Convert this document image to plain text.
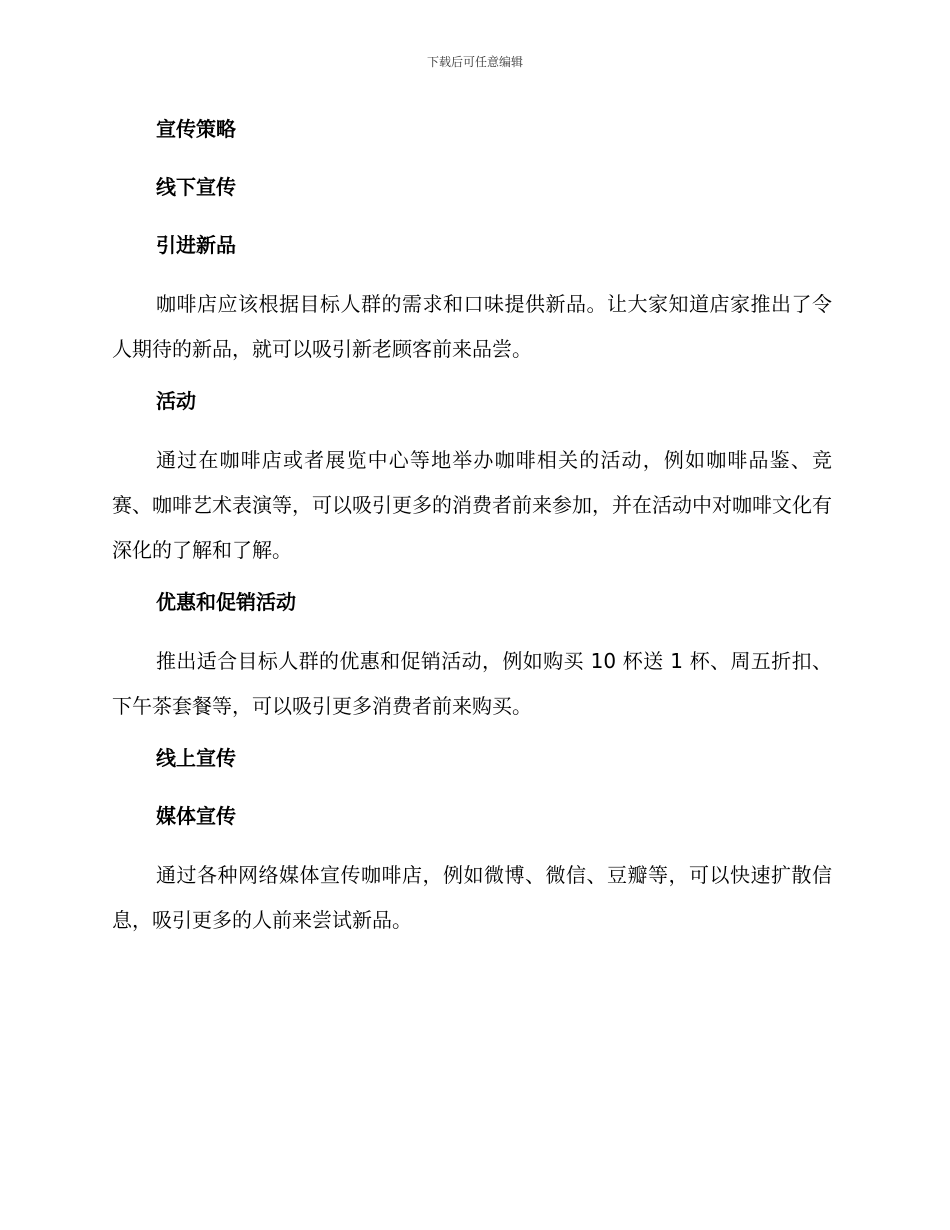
下载后可任意编辑
宣传策略
线下宣传
引进新品

咖啡店应该根据目标人群的需求和口味提供新品。让大家知道店家推出了令人期待的新品，就可以吸引新老顾客前来品尝。

活动

通过在咖啡店或者展览中心等地举办咖啡相关的活动，例如咖啡品鉴、竞赛、咖啡艺术表演等，可以吸引更多的消费者前来参加，并在活动中对咖啡文化有深化的了解和了解。

优惠和促销活动

推出适合目标人群的优惠和促销活动，例如购买 10 杯送 1 杯、周五折扣、下午茶套餐等，可以吸引更多消费者前来购买。

线上宣传
媒体宣传

通过各种网络媒体宣传咖啡店，例如微博、微信、豆瓣等，可以快速扩散信息，吸引更多的人前来尝试新品。
